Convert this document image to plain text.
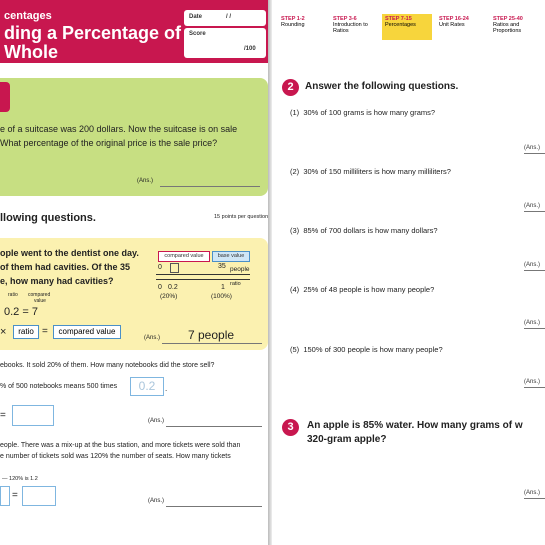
centages
ding a Percentage of
Whole
Date	/ /
Score
/100
e of a suitcase was 200 dollars. Now the suitcase is on sale
What percentage of the original price is the sale price?
(Ans.)
llowing questions.	15 points per question
ople went to the dentist one day.
of them had cavities. Of the 35
e, how many had cavities?
compared value	base value
0	35 people
ratio
0 0.2	1
(20%)	(100%)
ratio compared
value
0.2 = 7
×	ratio =	compared value
(Ans.) 7 people
ebooks. It sold 20% of them. How many notebooks did the store sell?
% of 500 notebooks means 500 times	0.2	.
=	(Ans.)
eople. There was a mix-up at the bus station, and more tickets were sold than
e number of tickets sold was 120% the number of seats. How many tickets
— 120% is 1.2
=	(Ans.)
STEP 1-2
Rounding
STEP 3-6
Introduction to Ratios
STEP 7-15
Percentages
STEP 16-24
Unit Rates
STEP 25-40
Ratios and Proportions
2	Answer the following questions.
(1) 30% of 100 grams is how many grams?
(Ans.)
(2) 30% of 150 milliliters is how many milliliters?
(Ans.)
(3) 85% of 700 dollars is how many dollars?
(Ans.)
(4) 25% of 48 people is how many people?
(Ans.)
(5) 150% of 300 people is how many people?
(Ans.)
3	An apple is 85% water. How many grams of w
320-gram apple?
(Ans.)
